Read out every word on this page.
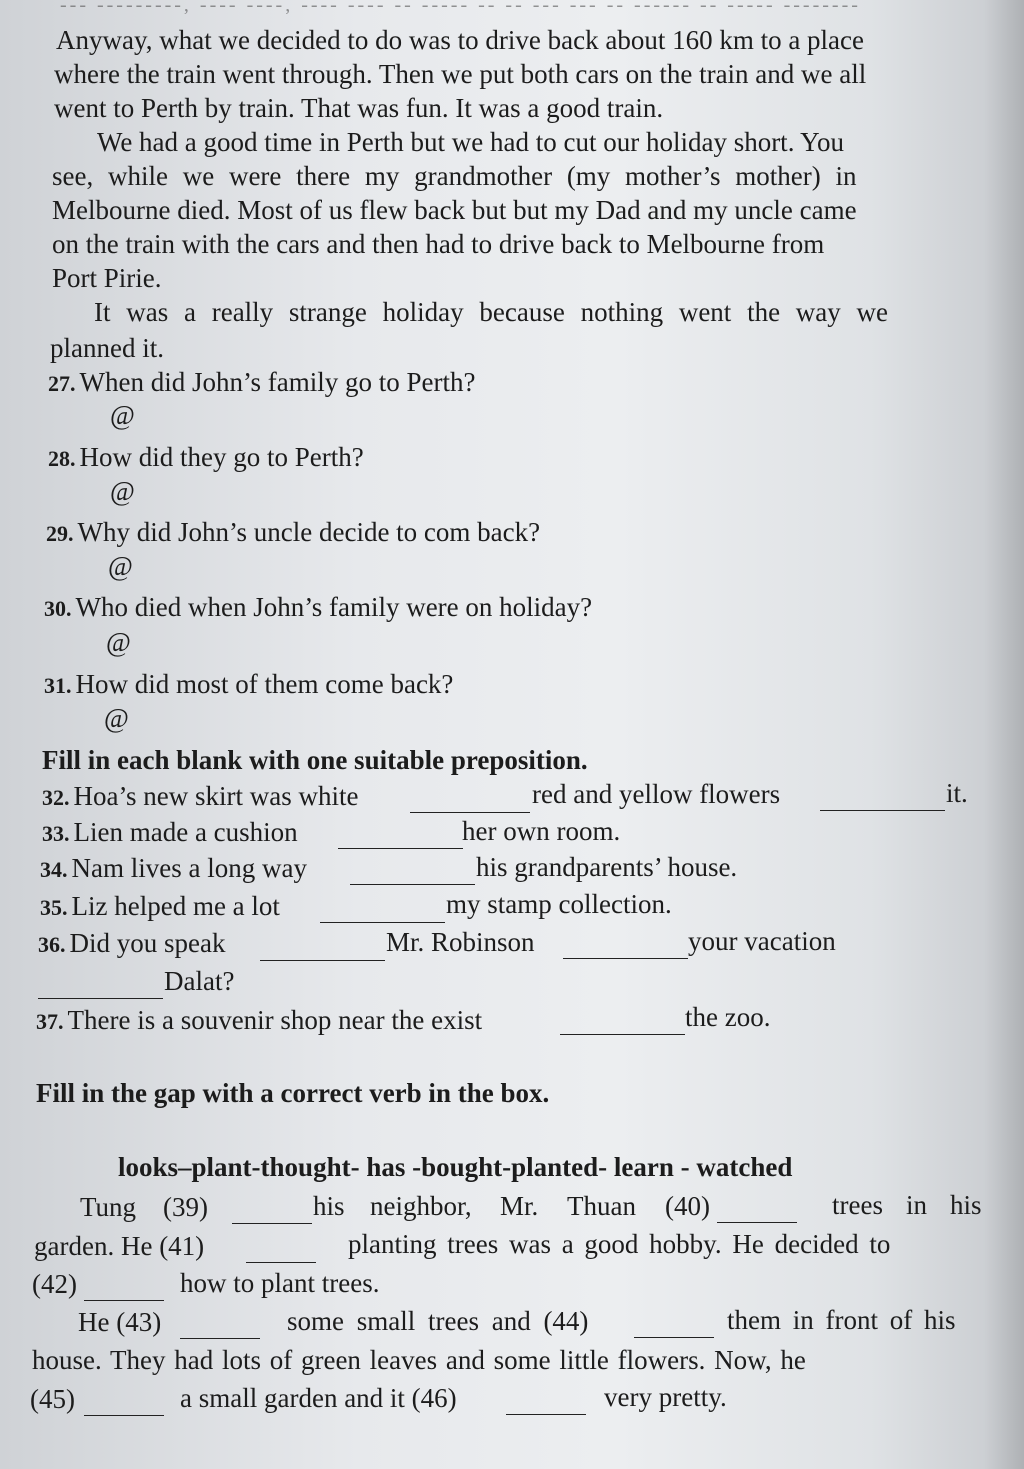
--- ---------, ---- ----, ---- ---- -- ----- -- -- --- --- -- ------ -- ----- --------
Anyway, what we decided to do was to drive back about 160 km to a place
where the train went through. Then we put both cars on the train and we all
went to Perth by train. That was fun. It was a good train.
We had a good time in Perth but we had to cut our holiday short. You
see, while we were there my grandmother (my mother’s mother) in
Melbourne died. Most of us flew back but but my Dad and my uncle came
on the train with the cars and then had to drive back to Melbourne from
Port Pirie.
It was a really strange holiday because nothing went the way we
planned it.
27. When did John’s family go to Perth?
@
28. How did they go to Perth?
@
29. Why did John’s uncle decide to com back?
@
30. Who died when John’s family were on holiday?
@
31. How did most of them come back?
@
Fill in each blank with one suitable preposition.
32. Hoa’s new skirt was white	red and yellow flowers	it.
33. Lien made a cushion	her own room.
34. Nam lives a long way	his grandparents’ house.
35. Liz helped me a lot	my stamp collection.
36. Did you speak	Mr. Robinson	your vacation
Dalat?
37. There is a souvenir shop near the exist	the zoo.
Fill in the gap with a correct verb in the box.
looks–plant-thought- has -bought-planted- learn - watched
Tung (39)	his neighbor, Mr. Thuan (40)	trees in his
garden. He (41)	planting trees was a good hobby. He decided to
(42)	how to plant trees.
He (43)	some small trees and (44)	them in front of his
house. They had lots of green leaves and some little flowers. Now, he
(45)	a small garden and it (46)	very pretty.
